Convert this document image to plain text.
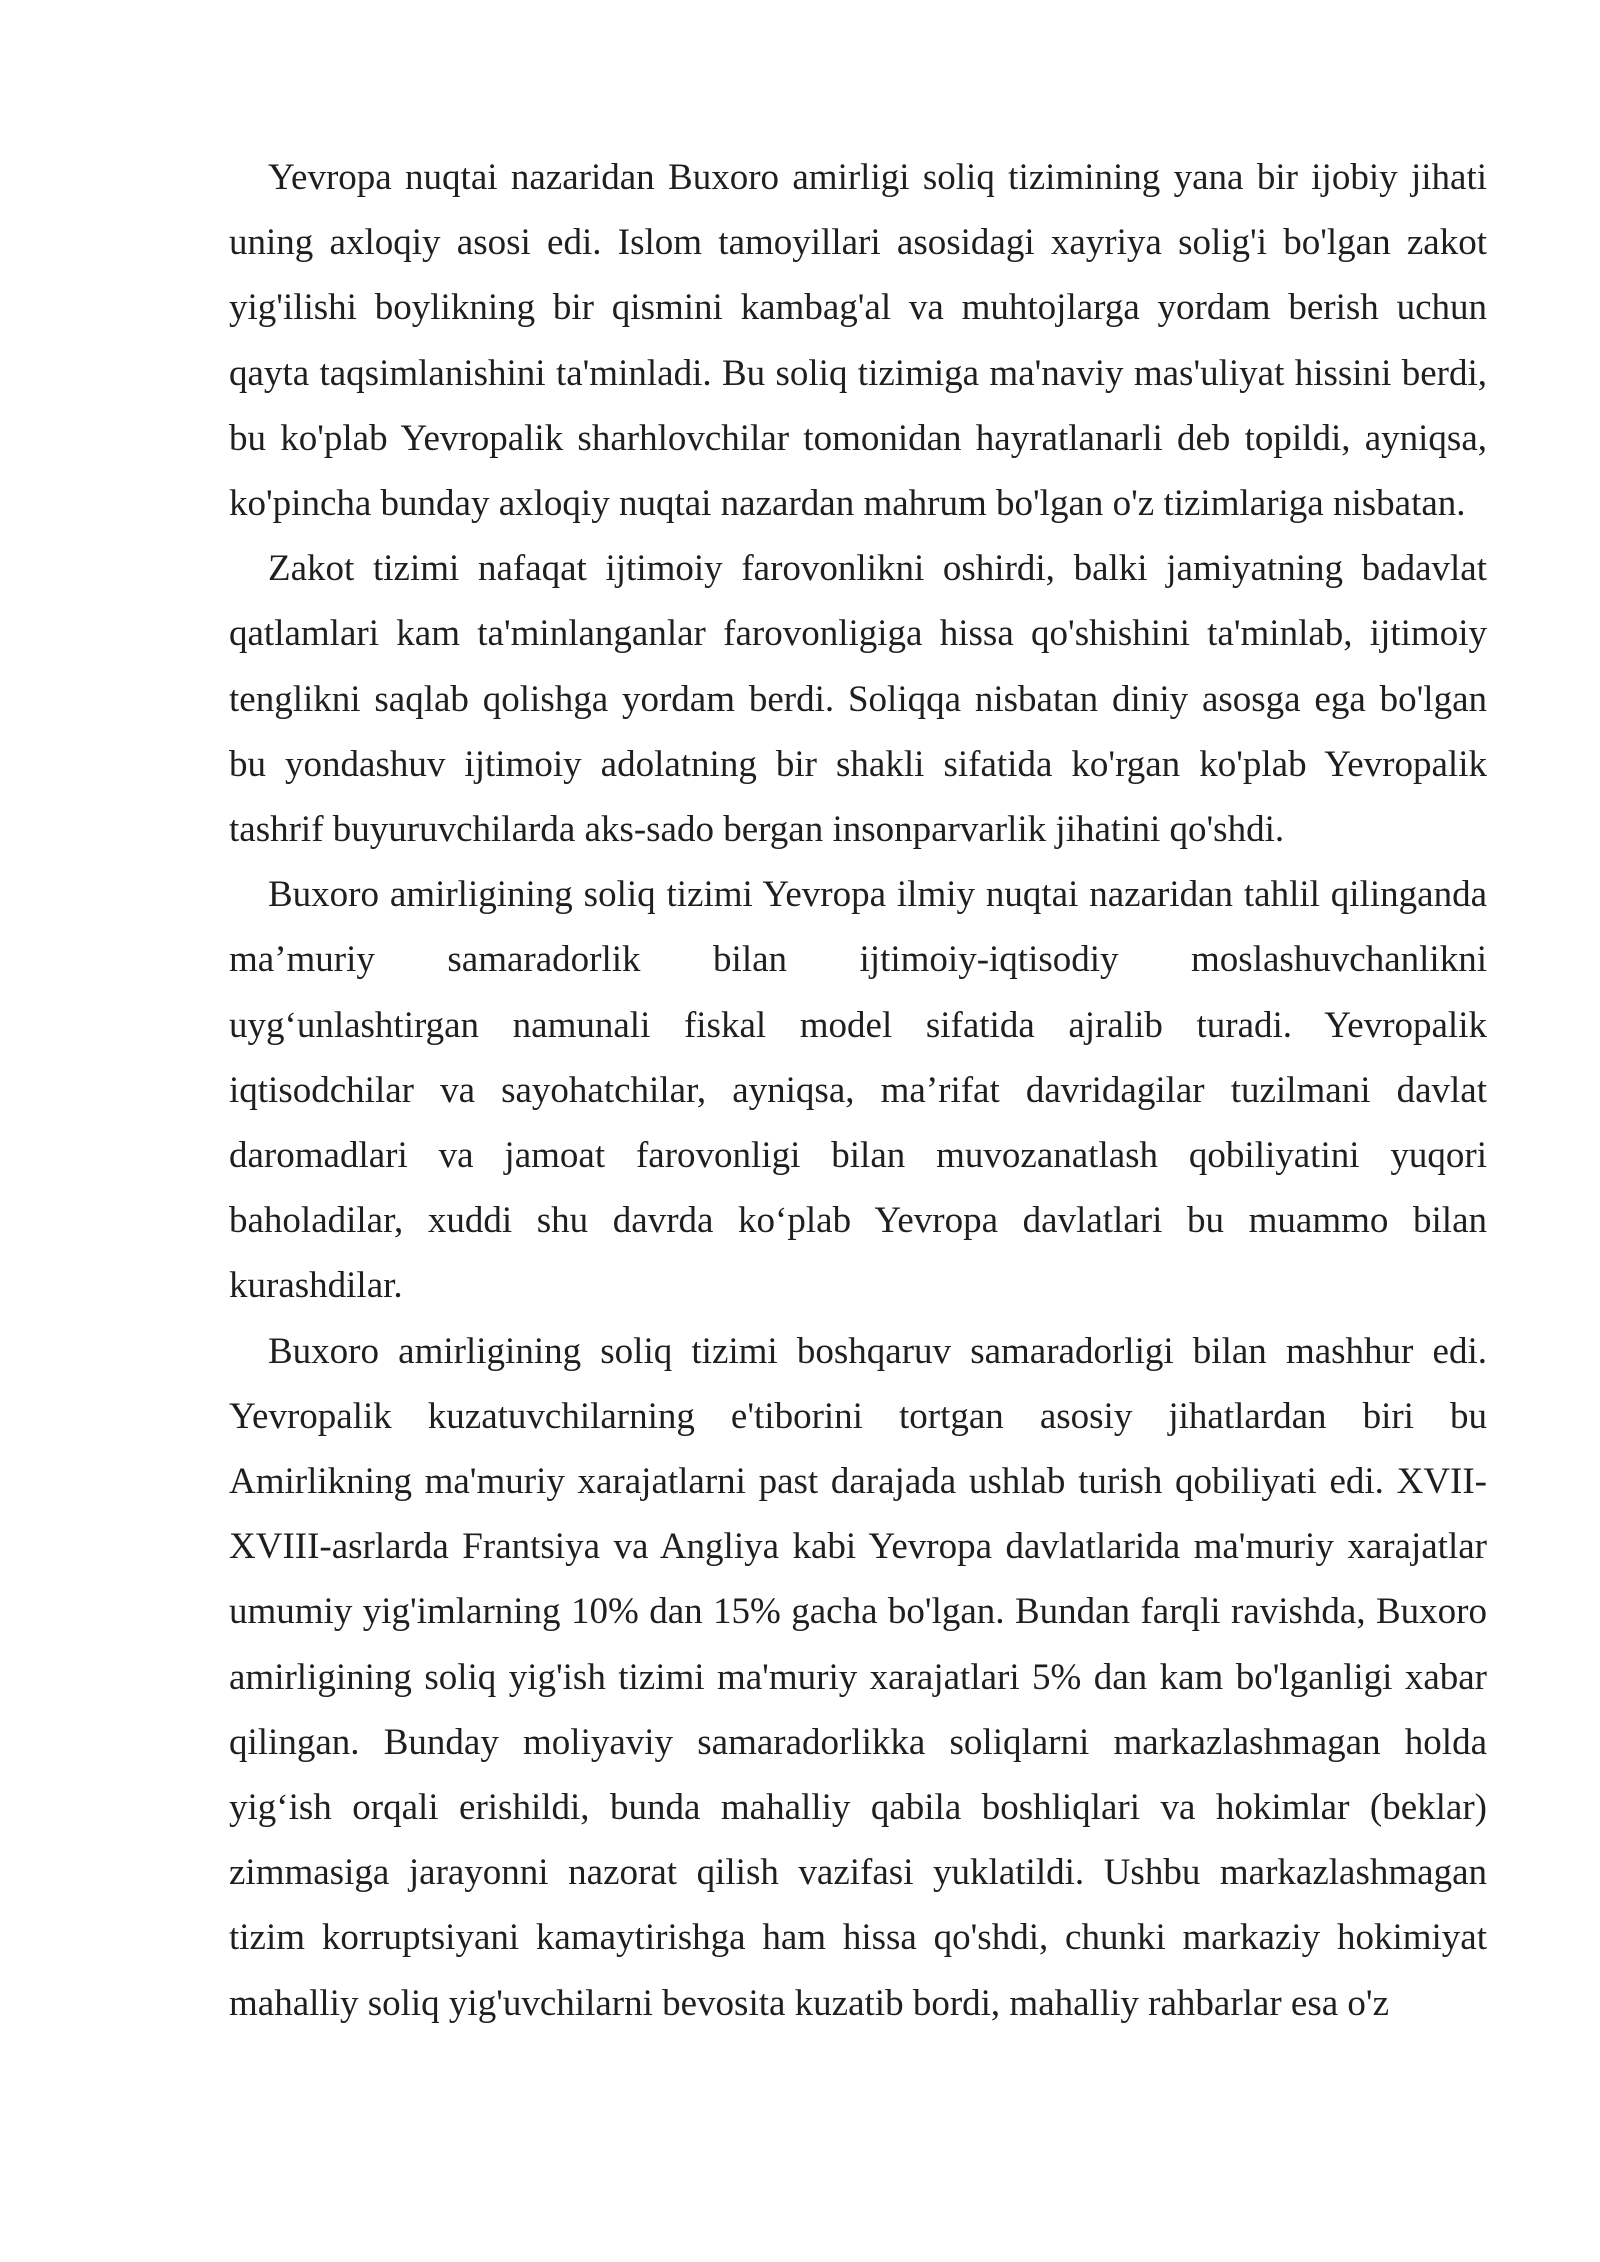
Yevropa nuqtai nazaridan Buxoro amirligi soliq tizimining yana bir ijobiy jihati uning axloqiy asosi edi. Islom tamoyillari asosidagi xayriya solig'i bo'lgan zakot yig'ilishi boylikning bir qismini kambag'al va muhtojlarga yordam berish uchun qayta taqsimlanishini ta'minladi. Bu soliq tizimiga ma'naviy mas'uliyat hissini berdi, bu ko'plab Yevropalik sharhlovchilar tomonidan hayratlanarli deb topildi, ayniqsa, ko'pincha bunday axloqiy nuqtai nazardan mahrum bo'lgan o'z tizimlariga nisbatan.

Zakot tizimi nafaqat ijtimoiy farovonlikni oshirdi, balki jamiyatning badavlat qatlamlari kam ta'minlanganlar farovonligiga hissa qo'shishini ta'minlab, ijtimoiy tenglikni saqlab qolishga yordam berdi. Soliqqa nisbatan diniy asosga ega bo'lgan bu yondashuv ijtimoiy adolatning bir shakli sifatida ko'rgan ko'plab Yevropalik tashrif buyuruvchilarda aks-sado bergan insonparvarlik jihatini qo'shdi.

Buxoro amirligining soliq tizimi Yevropa ilmiy nuqtai nazaridan tahlil qilinganda ma’muriy samaradorlik bilan ijtimoiy-iqtisodiy moslashuvchanlikni uyg‘unlashtirgan namunali fiskal model sifatida ajralib turadi. Yevropalik iqtisodchilar va sayohatchilar, ayniqsa, ma’rifat davridagilar tuzilmani davlat daromadlari va jamoat farovonligi bilan muvozanatlash qobiliyatini yuqori baholadilar, xuddi shu davrda ko‘plab Yevropa davlatlari bu muammo bilan kurashdilar.

Buxoro amirligining soliq tizimi boshqaruv samaradorligi bilan mashhur edi. Yevropalik kuzatuvchilarning e'tiborini tortgan asosiy jihatlardan biri bu Amirlikning ma'muriy xarajatlarni past darajada ushlab turish qobiliyati edi. XVII-XVIII-asrlarda Frantsiya va Angliya kabi Yevropa davlatlarida ma'muriy xarajatlar umumiy yig'imlarning 10% dan 15% gacha bo'lgan. Bundan farqli ravishda, Buxoro amirligining soliq yig'ish tizimi ma'muriy xarajatlari 5% dan kam bo'lganligi xabar qilingan. Bunday moliyaviy samaradorlikka soliqlarni markazlashmagan holda yig‘ish orqali erishildi, bunda mahalliy qabila boshliqlari va hokimlar (beklar) zimmasiga jarayonni nazorat qilish vazifasi yuklatildi. Ushbu markazlashmagan tizim korruptsiyani kamaytirishga ham hissa qo'shdi, chunki markaziy hokimiyat mahalliy soliq yig'uvchilarni bevosita kuzatib bordi, mahalliy rahbarlar esa o'z
